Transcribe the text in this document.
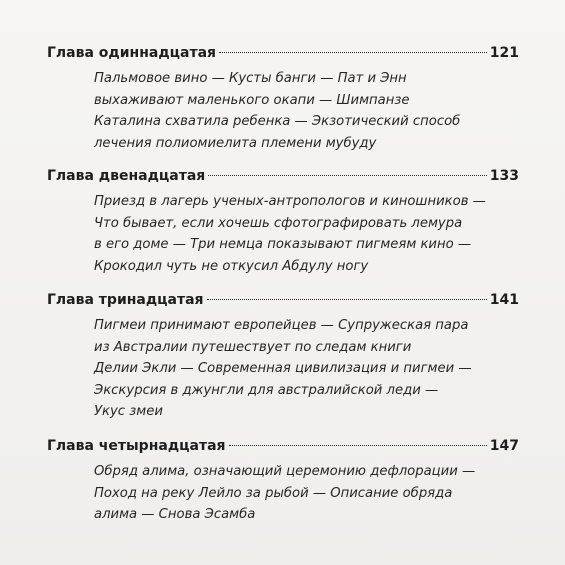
Глава одиннадцатая	121
Пальмовое вино — Кусты банги — Пат и Энн
выхаживают маленького окапи — Шимпанзе
Каталина схватила ребенка — Экзотический способ
лечения полиомиелита племени мубуду
Глава двенадцатая	133
Приезд в лагерь ученых-антропологов и киношников —
Что бывает, если хочешь сфотографировать лемура
в его доме — Три немца показывают пигмеям кино —
Крокодил чуть не откусил Абдулу ногу
Глава тринадцатая	141
Пигмеи принимают европейцев — Супружеская пара
из Австралии путешествует по следам книги
Делии Экли — Современная цивилизация и пигмеи —
Экскурсия в джунгли для австралийской леди —
Укус змеи
Глава четырнадцатая	147
Обряд алима, означающий церемонию дефлорации —
Поход на реку Лейло за рыбой — Описание обряда
алима — Снова Эсамба
